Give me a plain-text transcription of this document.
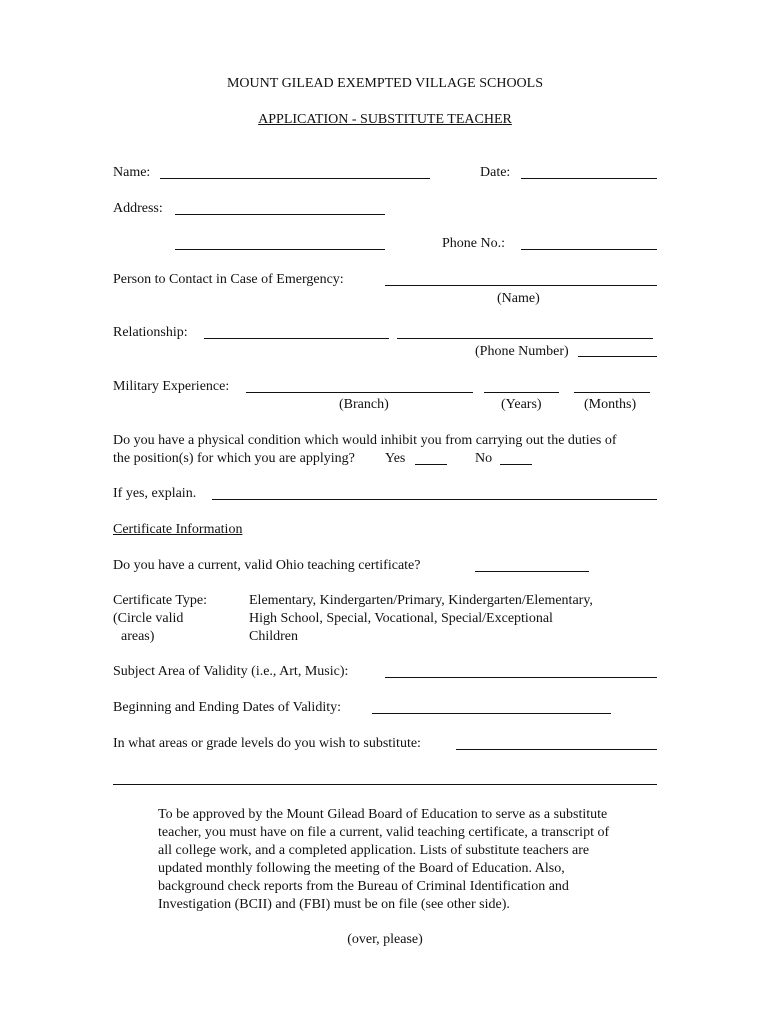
MOUNT GILEAD EXEMPTED VILLAGE SCHOOLS
APPLICATION - SUBSTITUTE TEACHER
Name:	Date:
Address:
Phone No.:
Person to Contact in Case of Emergency:
(Name)
Relationship:
(Phone Number)
Military Experience:
(Branch)	(Years)	(Months)
Do you have a physical condition which would inhibit you from carrying out the duties of
the position(s) for which you are applying? Yes	No
If yes, explain.
Certificate Information
Do you have a current, valid Ohio teaching certificate?
Certificate Type:
(Circle valid
areas)
Elementary, Kindergarten/Primary, Kindergarten/Elementary,
High School, Special, Vocational, Special/Exceptional
Children
Subject Area of Validity (i.e., Art, Music):
Beginning and Ending Dates of Validity:
In what areas or grade levels do you wish to substitute:
To be approved by the Mount Gilead Board of Education to serve as a substitute
teacher, you must have on file a current, valid teaching certificate, a transcript of
all college work, and a completed application. Lists of substitute teachers are
updated monthly following the meeting of the Board of Education. Also,
background check reports from the Bureau of Criminal Identification and
Investigation (BCII) and (FBI) must be on file (see other side).
(over, please)
